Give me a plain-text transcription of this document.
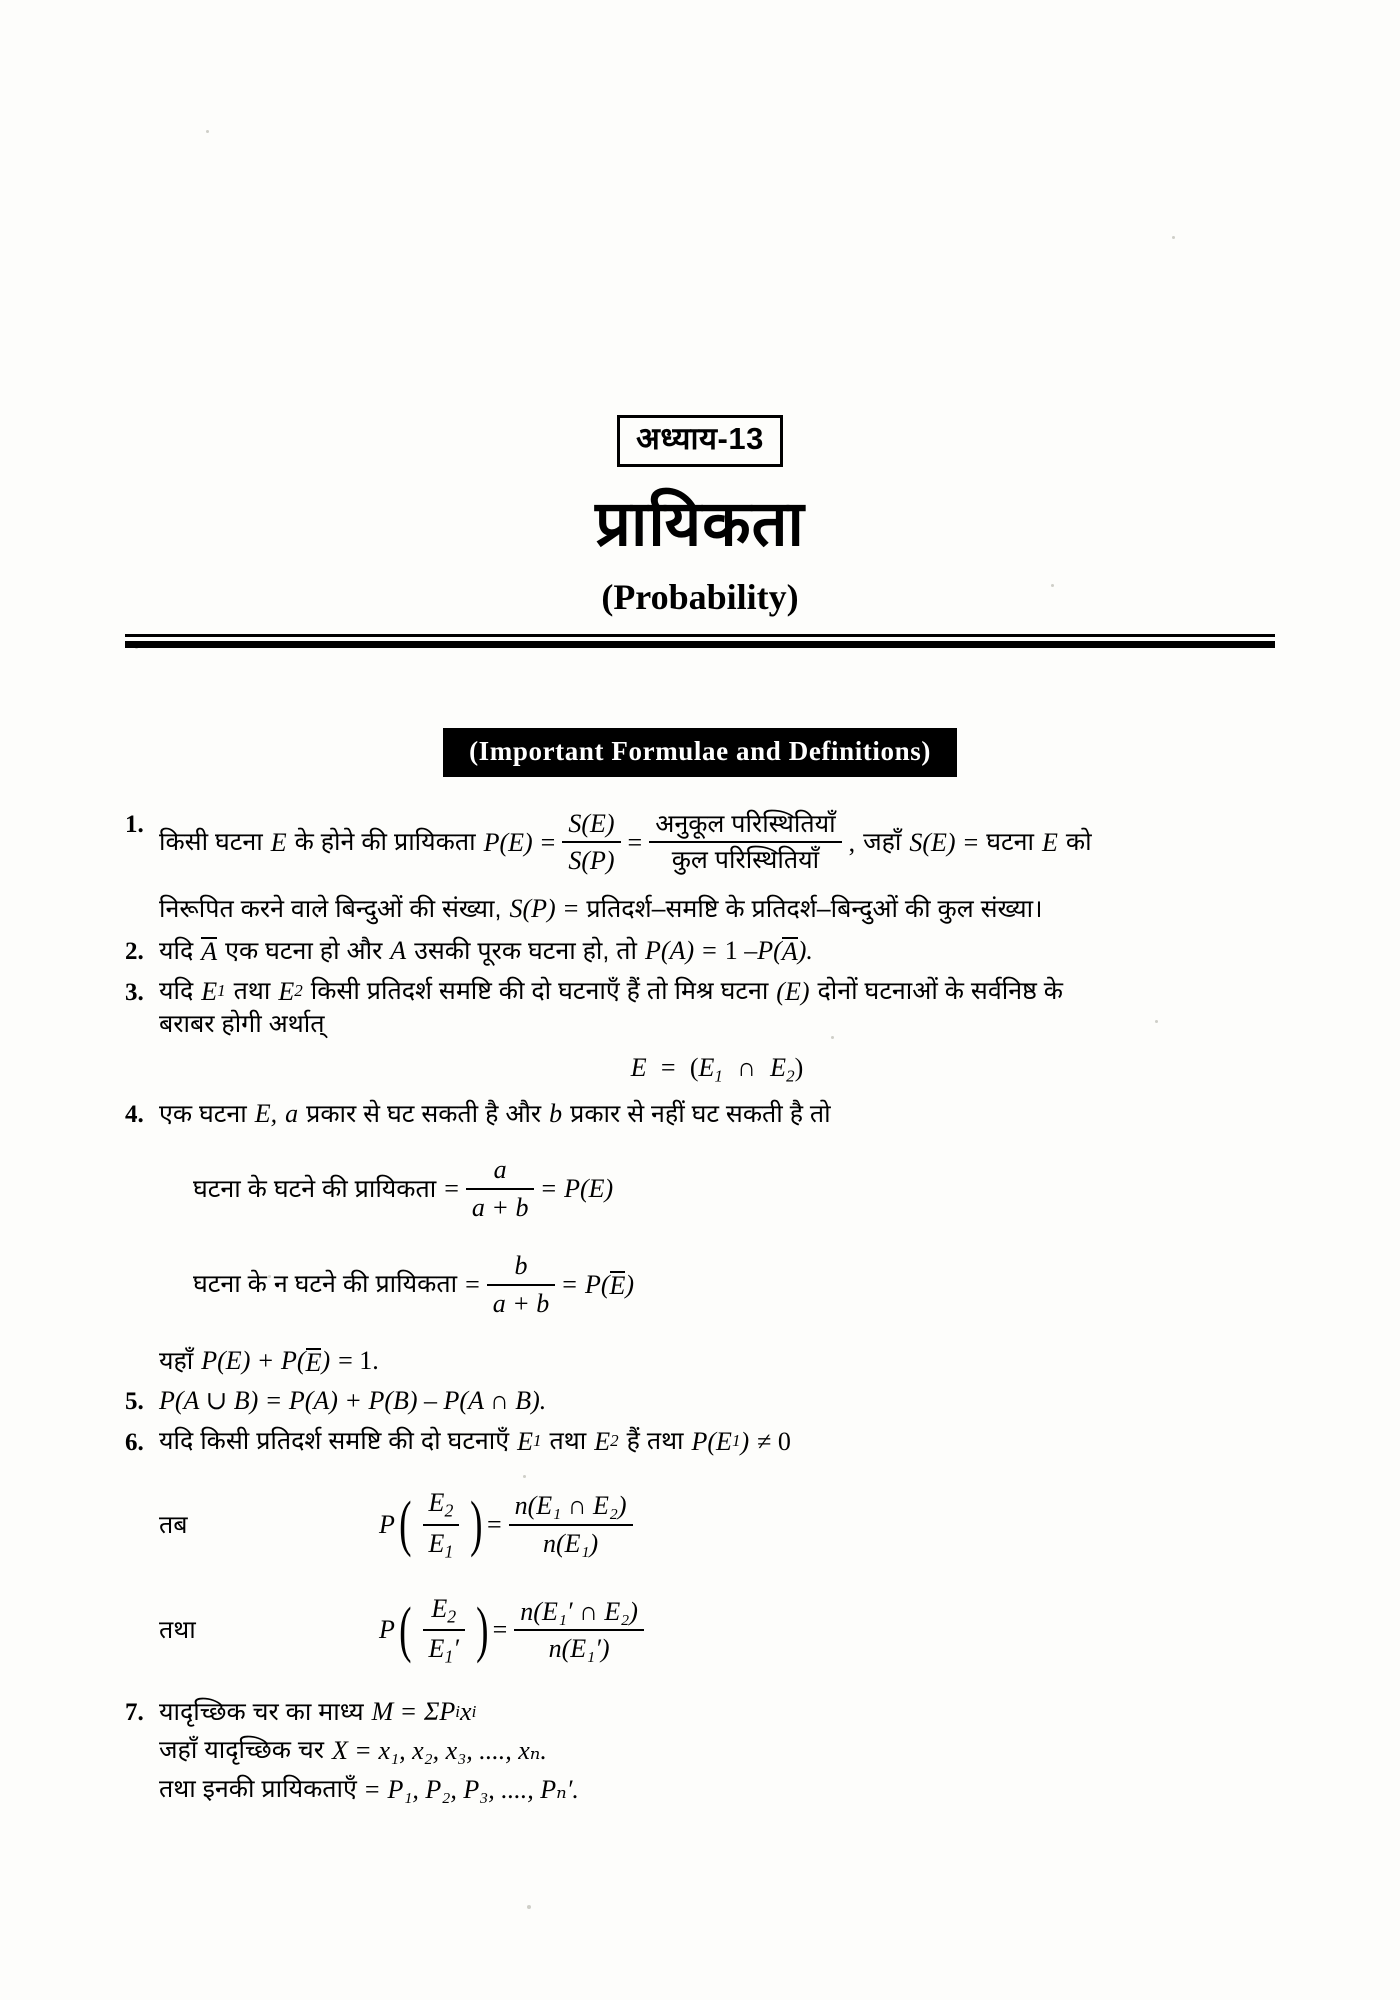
अध्याय-13
प्रायिकता
(Probability)
(Important Formulae and Definitions)
1.
किसी घटना E के होने की प्रायिकता $P(E) = \frac{S(E)}{S(P)} = \frac{\text{अनुकूल परिस्थितियाँ}}{\text{कुल परिस्थितियाँ}}$ , जहाँ S(E) = घटना E को
निरूपित करने वाले बिन्दुओं की संख्या, S(P) = प्रतिदर्श–समष्टि के प्रतिदर्श–बिन्दुओं की कुल संख्या।
2. यदि A एक घटना हो और A उसकी पूरक घटना हो, तो P(A) = 1 – P( A ).
3. यदि E 1 तथा E 2 किसी प्रतिदर्श समष्टि की दो घटनाएँ हैं तो मिश्र घटना (E) दोनों घटनाओं के सर्वनिष्ठ के
बराबर होगी अर्थात्
$E = (E_1$ ∩ $E_2$)
4. एक घटना E, a प्रकार से घट सकती है और b प्रकार से नहीं घट सकती है तो
घटना के घटने की प्रायिकता = $\frac{a}{a + b} = P(E)$
घटना के न घटने की प्रायिकता = $\frac{b}{a + b} = P$( E )
यहाँ P(E) + P( E ) = 1.
5. P(A ∪ B) = P(A) + P(B) – P(A ∩ B).
6. यदि किसी प्रतिदर्श समष्टि की दो घटनाएँ E 1 तथा E 2 हैं तथा P(E 1 ) ≠ 0
तब	P ( $\frac{E_2}{E_1}$ ) = $\frac{\text{n(E₁ ∩ E₂)}}{\text{n(E₁)}}$
तथा	P ( $\frac{E_2}{E_1'}$ ) = $\frac{\text{n(E₁′ ∩ E₂)}}{\text{n(E₁′)}}$
7. यादृच्छिक चर का माध्य M = ΣP i x i
जहाँ यादृच्छिक चर X = x₁, x₂, x₃, ...., xₙ.
तथा इनकी प्रायिकताएँ = P₁, P₂, P₃, ...., Pₙ′.
